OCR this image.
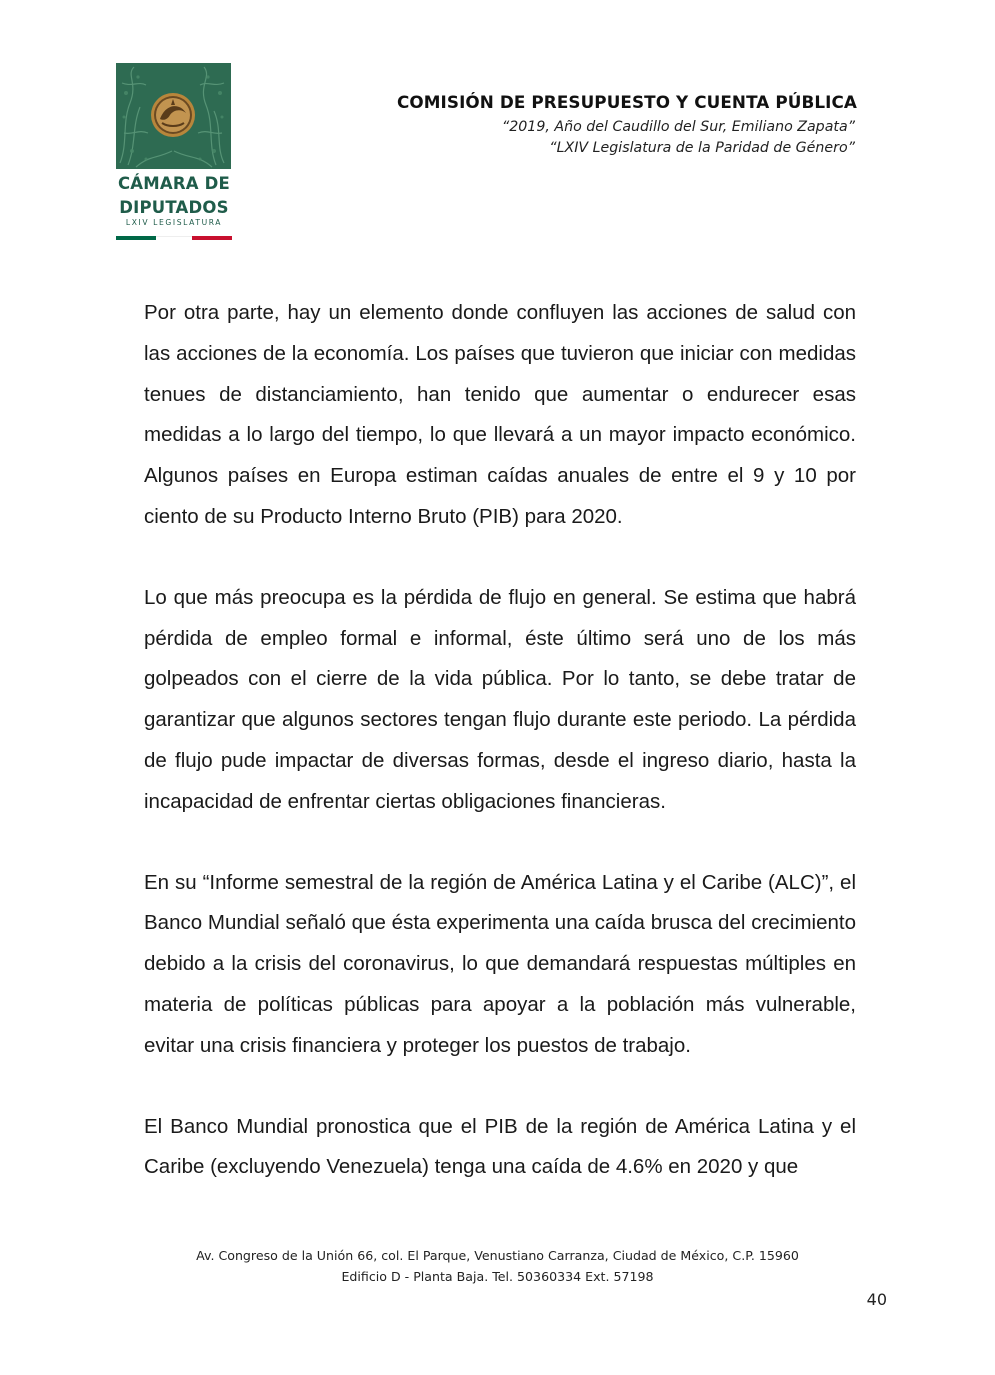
CÁMARA DE
DIPUTADOS
LXIV LEGISLATURA
COMISIÓN DE PRESUPUESTO Y CUENTA PÚBLICA
“2019, Año del Caudillo del Sur, Emiliano Zapata”
“LXIV Legislatura de la Paridad de Género”

Por otra parte, hay un elemento donde confluyen las acciones de salud con las acciones de la economía. Los países que tuvieron que iniciar con medidas tenues de distanciamiento, han tenido que aumentar o endurecer esas medidas a lo largo del tiempo, lo que llevará a un mayor impacto económico. Algunos países en Europa estiman caídas anuales de entre el 9 y 10 por ciento de su Producto Interno Bruto (PIB) para 2020.

Lo que más preocupa es la pérdida de flujo en general. Se estima que habrá pérdida de empleo formal e informal, éste último será uno de los más golpeados con el cierre de la vida pública. Por lo tanto, se debe tratar de garantizar que algunos sectores tengan flujo durante este periodo. La pérdida de flujo pude impactar de diversas formas, desde el ingreso diario, hasta la incapacidad de enfrentar ciertas obligaciones financieras.

En su “Informe semestral de la región de América Latina y el Caribe (ALC)”, el Banco Mundial señaló que ésta experimenta una caída brusca del crecimiento debido a la crisis del coronavirus, lo que demandará respuestas múltiples en materia de políticas públicas para apoyar a la población más vulnerable, evitar una crisis financiera y proteger los puestos de trabajo.

El Banco Mundial pronostica que el PIB de la región de América Latina y el Caribe (excluyendo Venezuela) tenga una caída de 4.6% en 2020 y que

Av. Congreso de la Unión 66, col. El Parque, Venustiano Carranza, Ciudad de México, C.P. 15960
Edificio D - Planta Baja. Tel. 50360334 Ext. 57198
40
